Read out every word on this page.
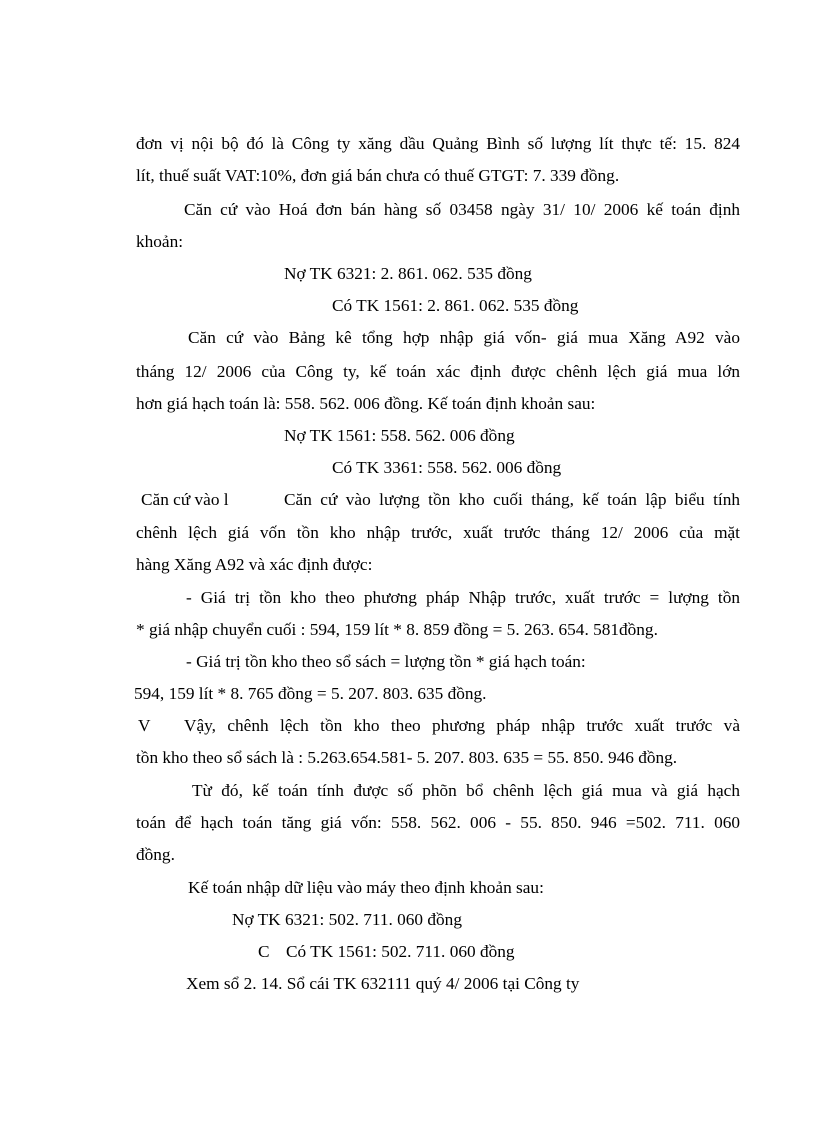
đơn vị nội bộ đó là Công ty xăng dầu Quảng Bình số lượng lít thực tế: 15. 824
lít, thuế suất VAT:10%, đơn giá bán chưa có thuế GTGT: 7. 339 đồng.
Căn cứ vào Hoá đơn bán hàng số 03458 ngày 31/ 10/ 2006 kế toán định
khoản:
Nợ TK 6321: 2. 861. 062. 535 đồng
Có TK 1561: 2. 861. 062. 535 đồng
Căn cứ vào Bảng kê tổng hợp nhập giá vốn- giá mua Xăng A92 vào
tháng 12/ 2006 của Công ty, kế toán xác định được chênh lệch giá mua lớn
hơn giá hạch toán là: 558. 562. 006 đồng. Kế toán định khoản sau:
Nợ TK 1561: 558. 562. 006 đồng
Có TK 3361: 558. 562. 006 đồng
Căn cứ vào l	Căn cứ vào lượng tồn kho cuối tháng, kế toán lập biểu tính
chênh lệch giá vốn tồn kho nhập trước, xuất trước tháng 12/ 2006 của mặt
hàng Xăng A92 và xác định được:
- Giá trị tồn kho theo phương pháp Nhập trước, xuất trước = lượng tồn
* giá nhập chuyển cuối : 594, 159 lít * 8. 859 đồng = 5. 263. 654. 581đồng.
- Giá trị tồn kho theo sổ sách = lượng tồn * giá hạch toán:
594, 159 lít * 8. 765 đồng = 5. 207. 803. 635 đồng.
V Vậy, chênh lệch tồn kho theo phương pháp nhập trước xuất trước và
tồn kho theo sổ sách là : 5.263.654.581- 5. 207. 803. 635 = 55. 850. 946 đồng.
Từ đó, kế toán tính được số phõn bổ chênh lệch giá mua và giá hạch
toán để hạch toán tăng giá vốn: 558. 562. 006 - 55. 850. 946 =502. 711. 060
đồng.
Kế toán nhập dữ liệu vào máy theo định khoản sau:
Nợ TK 6321: 502. 711. 060 đồng
C Có TK 1561: 502. 711. 060 đồng
Xem sổ 2. 14. Sổ cái TK 632111 quý 4/ 2006 tại Công ty
